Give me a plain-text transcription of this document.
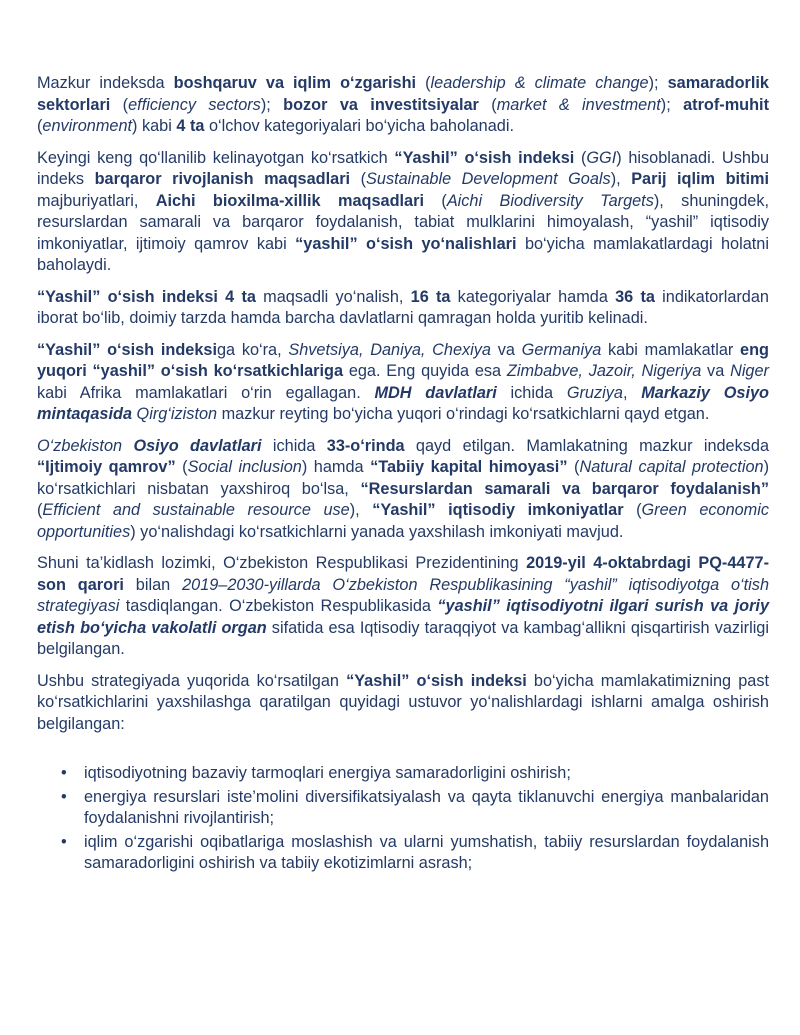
Mazkur indeksda boshqaruv va iqlim o‘zgarishi (leadership & climate change); samaradorlik sektorlari (efficiency sectors); bozor va investitsiyalar (market & investment); atrof-muhit (environment) kabi 4 ta o‘lchov kategoriyalari bo‘yicha baholanadi.

Keyingi keng qo‘llanilib kelinayotgan ko‘rsatkich “Yashil” o‘sish indeksi (GGI) hisoblanadi. Ushbu indeks barqaror rivojlanish maqsadlari (Sustainable Development Goals), Parij iqlim bitimi majburiyatlari, Aichi bioxilma-xillik maqsadlari (Aichi Biodiversity Targets), shuningdek, resurslardan samarali va barqaror foydalanish, tabiat mulklarini himoyalash, “yashil” iqtisodiy imkoniyatlar, ijtimoiy qamrov kabi “yashil” o‘sish yo‘nalishlari bo‘yicha mamlakatlardagi holatni baholaydi.

“Yashil” o‘sish indeksi 4 ta maqsadli yo‘nalish, 16 ta kategoriyalar hamda 36 ta indikatorlardan iborat bo‘lib, doimiy tarzda hamda barcha davlatlarni qamragan holda yuritib kelinadi.

“Yashil” o‘sish indeksiga ko‘ra, Shvetsiya, Daniya, Chexiya va Germaniya kabi mamlakatlar eng yuqori “yashil” o‘sish ko‘rsatkichlariga ega. Eng quyida esa Zimbabve, Jazoir, Nigeriya va Niger kabi Afrika mamlakatlari o‘rin egallagan. MDH davlatlari ichida Gruziya, Markaziy Osiyo mintaqasida Qirg‘iziston mazkur reyting bo‘yicha yuqori o‘rindagi ko‘rsatkichlarni qayd etgan.

O‘zbekiston Osiyo davlatlari ichida 33-o‘rinda qayd etilgan. Mamlakatning mazkur indeksda “Ijtimoiy qamrov” (Social inclusion) hamda “Tabiiy kapital himoyasi” (Natural capital protection) ko‘rsatkichlari nisbatan yaxshiroq bo‘lsa, “Resurslardan samarali va barqaror foydalanish” (Efficient and sustainable resource use), “Yashil” iqtisodiy imkoniyatlar (Green economic opportunities) yo‘nalishdagi ko‘rsatkichlarni yanada yaxshilash imkoniyati mavjud.

Shuni ta’kidlash lozimki, O‘zbekiston Respublikasi Prezidentining 2019-yil 4-oktabrdagi PQ-4477-son qarori bilan 2019–2030-yillarda O‘zbekiston Respublikasining “yashil” iqtisodiyotga o‘tish strategiyasi tasdiqlangan. O‘zbekiston Respublikasida “yashil” iqtisodiyotni ilgari surish va joriy etish bo‘yicha vakolatli organ sifatida esa Iqtisodiy taraqqiyot va kambag‘allikni qisqartirish vazirligi belgilangan.

Ushbu strategiyada yuqorida ko‘rsatilgan “Yashil” o‘sish indeksi bo‘yicha mamlakatimizning past ko‘rsatkichlarini yaxshilashga qaratilgan quyidagi ustuvor yo‘nalishlardagi ishlarni amalga oshirish belgilangan:

• iqtisodiyotning bazaviy tarmoqlari energiya samaradorligini oshirish;
• energiya resurslari iste’molini diversifikatsiyalash va qayta tiklanuvchi energiya manbalaridan foydalanishni rivojlantirish;
• iqlim o‘zgarishi oqibatlariga moslashish va ularni yumshatish, tabiiy resurslardan foydalanish samaradorligini oshirish va tabiiy ekotizimlarni asrash;
